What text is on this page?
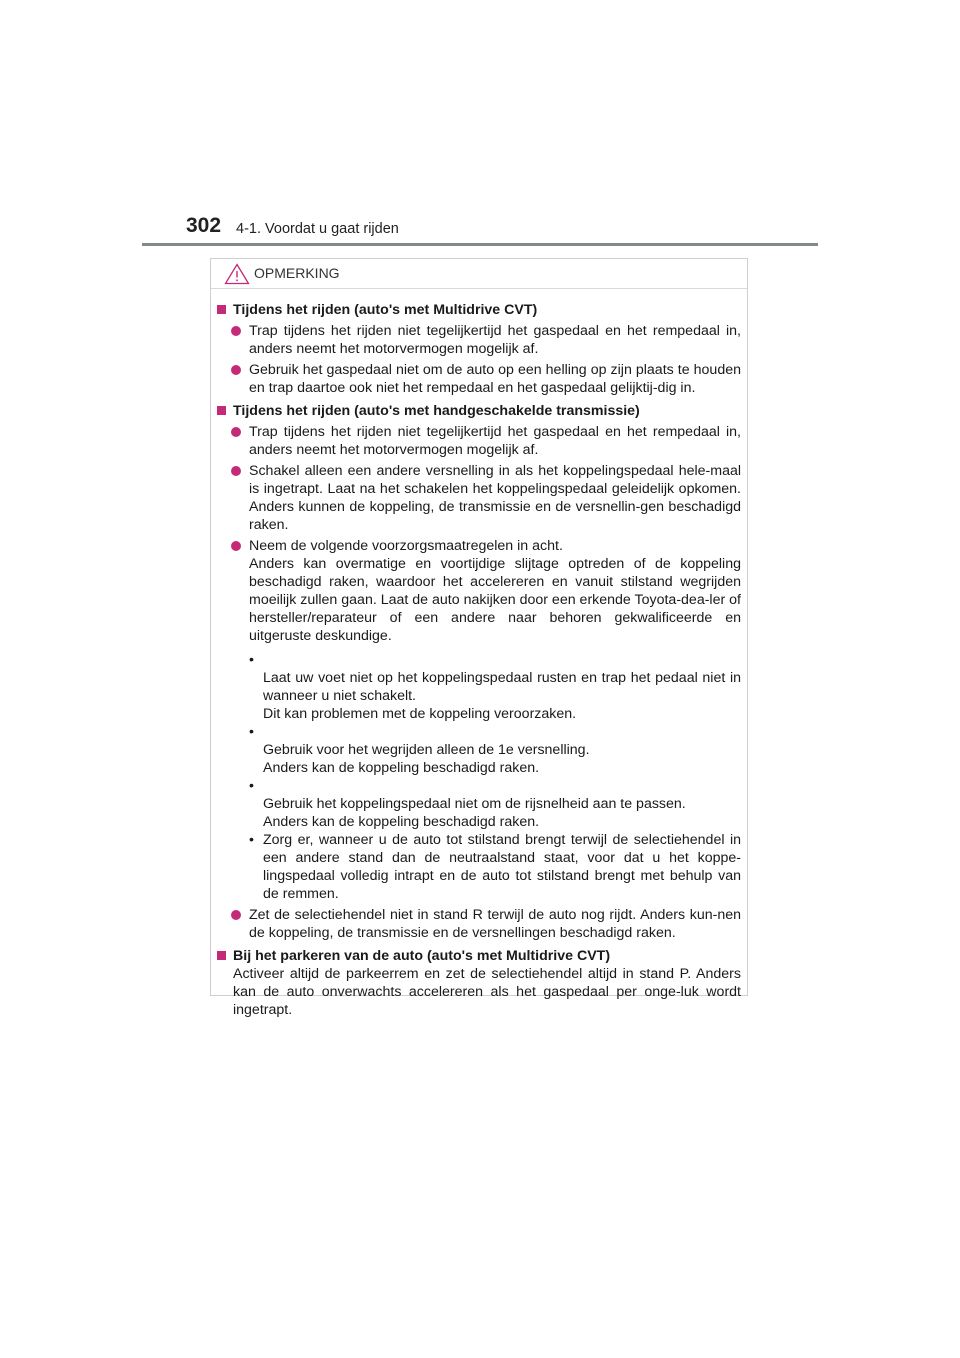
302 4-1. Voordat u gaat rijden
OPMERKING
Tijdens het rijden (auto's met Multidrive CVT)
Trap tijdens het rijden niet tegelijkertijd het gaspedaal en het rempedaal in, anders neemt het motorvermogen mogelijk af.
Gebruik het gaspedaal niet om de auto op een helling op zijn plaats te houden en trap daartoe ook niet het rempedaal en het gaspedaal gelijktij-dig in.
Tijdens het rijden (auto's met handgeschakelde transmissie)
Trap tijdens het rijden niet tegelijkertijd het gaspedaal en het rempedaal in, anders neemt het motorvermogen mogelijk af.
Schakel alleen een andere versnelling in als het koppelingspedaal hele-maal is ingetrapt. Laat na het schakelen het koppelingspedaal geleidelijk opkomen. Anders kunnen de koppeling, de transmissie en de versnellin-gen beschadigd raken.
Neem de volgende voorzorgsmaatregelen in acht.
Anders kan overmatige en voortijdige slijtage optreden of de koppeling beschadigd raken, waardoor het accelereren en vanuit stilstand wegrijden moeilijk zullen gaan. Laat de auto nakijken door een erkende Toyota-dea-ler of hersteller/reparateur of een andere naar behoren gekwalificeerde en uitgeruste deskundige.

•
Laat uw voet niet op het koppelingspedaal rusten en trap het pedaal niet in wanneer u niet schakelt.
Dit kan problemen met de koppeling veroorzaken.

•
Gebruik voor het wegrijden alleen de 1e versnelling.
Anders kan de koppeling beschadigd raken.

•
Gebruik het koppelingspedaal niet om de rijsnelheid aan te passen.
Anders kan de koppeling beschadigd raken.

• Zorg er, wanneer u de auto tot stilstand brengt terwijl de selectiehendel in een andere stand dan de neutraalstand staat, voor dat u het koppe-lingspedaal volledig intrapt en de auto tot stilstand brengt met behulp van de remmen.
Zet de selectiehendel niet in stand R terwijl de auto nog rijdt. Anders kun-nen de koppeling, de transmissie en de versnellingen beschadigd raken.
Bij het parkeren van de auto (auto's met Multidrive CVT)
Activeer altijd de parkeerrem en zet de selectiehendel altijd in stand P. Anders kan de auto onverwachts accelereren als het gaspedaal per onge-luk wordt ingetrapt.
